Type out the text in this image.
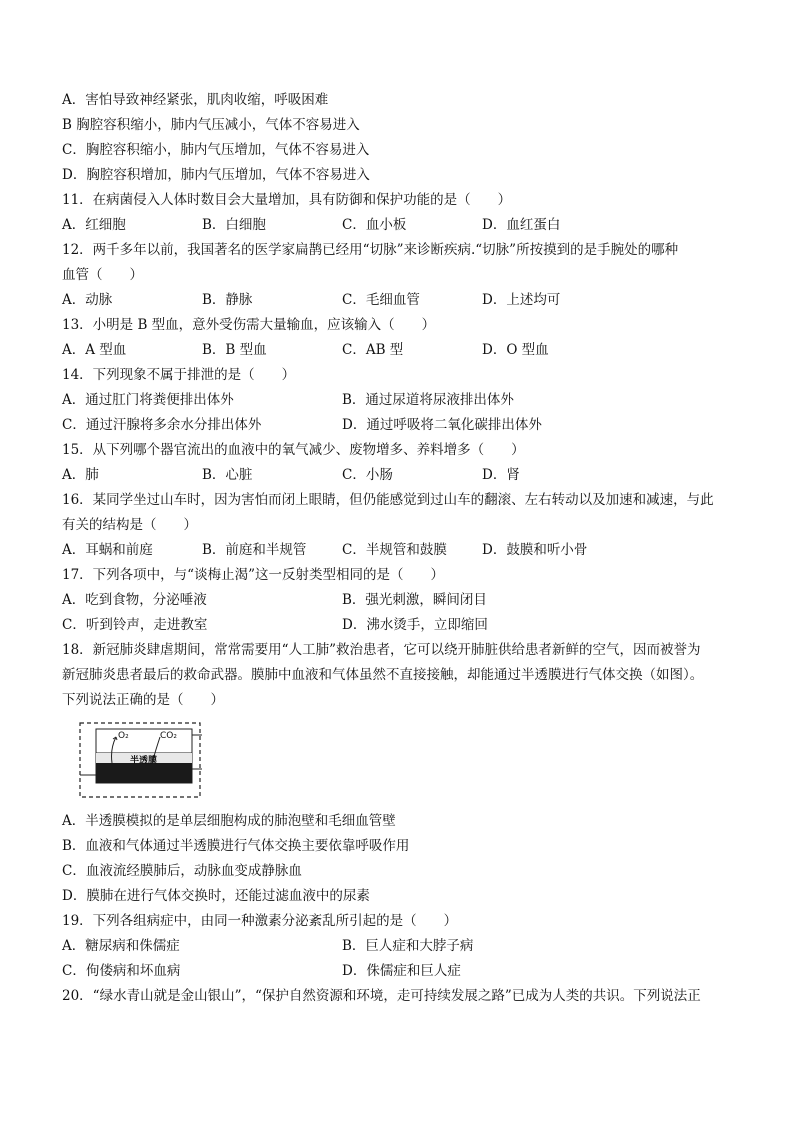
A．害怕导致神经紧张，肌肉收缩，呼吸困难
B 胸腔容积缩小，肺内气压减小，气体不容易进入
C．胸腔容积缩小，肺内气压增加，气体不容易进入
D．胸腔容积增加，肺内气压增加，气体不容易进入
11．在病菌侵入人体时数目会大量增加，具有防御和保护功能的是（　　）
A．红细胞	B．白细胞	C．血小板	D．血红蛋白
12．两千多年以前，我国著名的医学家扁鹊已经用“切脉”来诊断疾病.“切脉”所按摸到的是手腕处的哪种
血管（　　）
A．动脉	B．静脉	C．毛细血管	D．上述均可
13．小明是 B 型血，意外受伤需大量输血，应该输入（　　）
A．A 型血	B．B 型血	C．AB 型	D．O 型血
14．下列现象不属于排泄的是（　　）
A．通过肛门将粪便排出体外	B．通过尿道将尿液排出体外
C．通过汗腺将多余水分排出体外	D．通过呼吸将二氧化碳排出体外
15．从下列哪个器官流出的血液中的氧气减少、废物增多、养料增多（　　）
A．肺	B．心脏	C．小肠	D．肾
16．某同学坐过山车时，因为害怕而闭上眼睛，但仍能感觉到过山车的翻滚、左右转动以及加速和减速，与此
有关的结构是（　　）
A．耳蜗和前庭	B．前庭和半规管	C．半规管和鼓膜	D．鼓膜和听小骨
17．下列各项中，与“谈梅止渴”这一反射类型相同的是（　　）
A．吃到食物，分泌唾液	B．强光刺激，瞬间闭目
C．听到铃声，走进教室	D．沸水烫手，立即缩回
18．新冠肺炎肆虐期间，常常需要用“人工肺”救治患者，它可以绕开肺脏供给患者新鲜的空气，因而被誉为
新冠肺炎患者最后的救命武器。膜肺中血液和气体虽然不直接接触，却能通过半透膜进行气体交换（如图）。
下列说法正确的是（　　）
O₂	CO₂
半透膜
A．半透膜模拟的是单层细胞构成的肺泡壁和毛细血管壁
B．血液和气体通过半透膜进行气体交换主要依靠呼吸作用
C．血液流经膜肺后，动脉血变成静脉血
D．膜肺在进行气体交换时，还能过滤血液中的尿素
19．下列各组病症中，由同一种激素分泌紊乱所引起的是（　　）
A．糖尿病和侏儒症	B．巨人症和大脖子病
C．佝偻病和坏血病	D．侏儒症和巨人症
20．“绿水青山就是金山银山”，“保护自然资源和环境，走可持续发展之路”已成为人类的共识。下列说法正
